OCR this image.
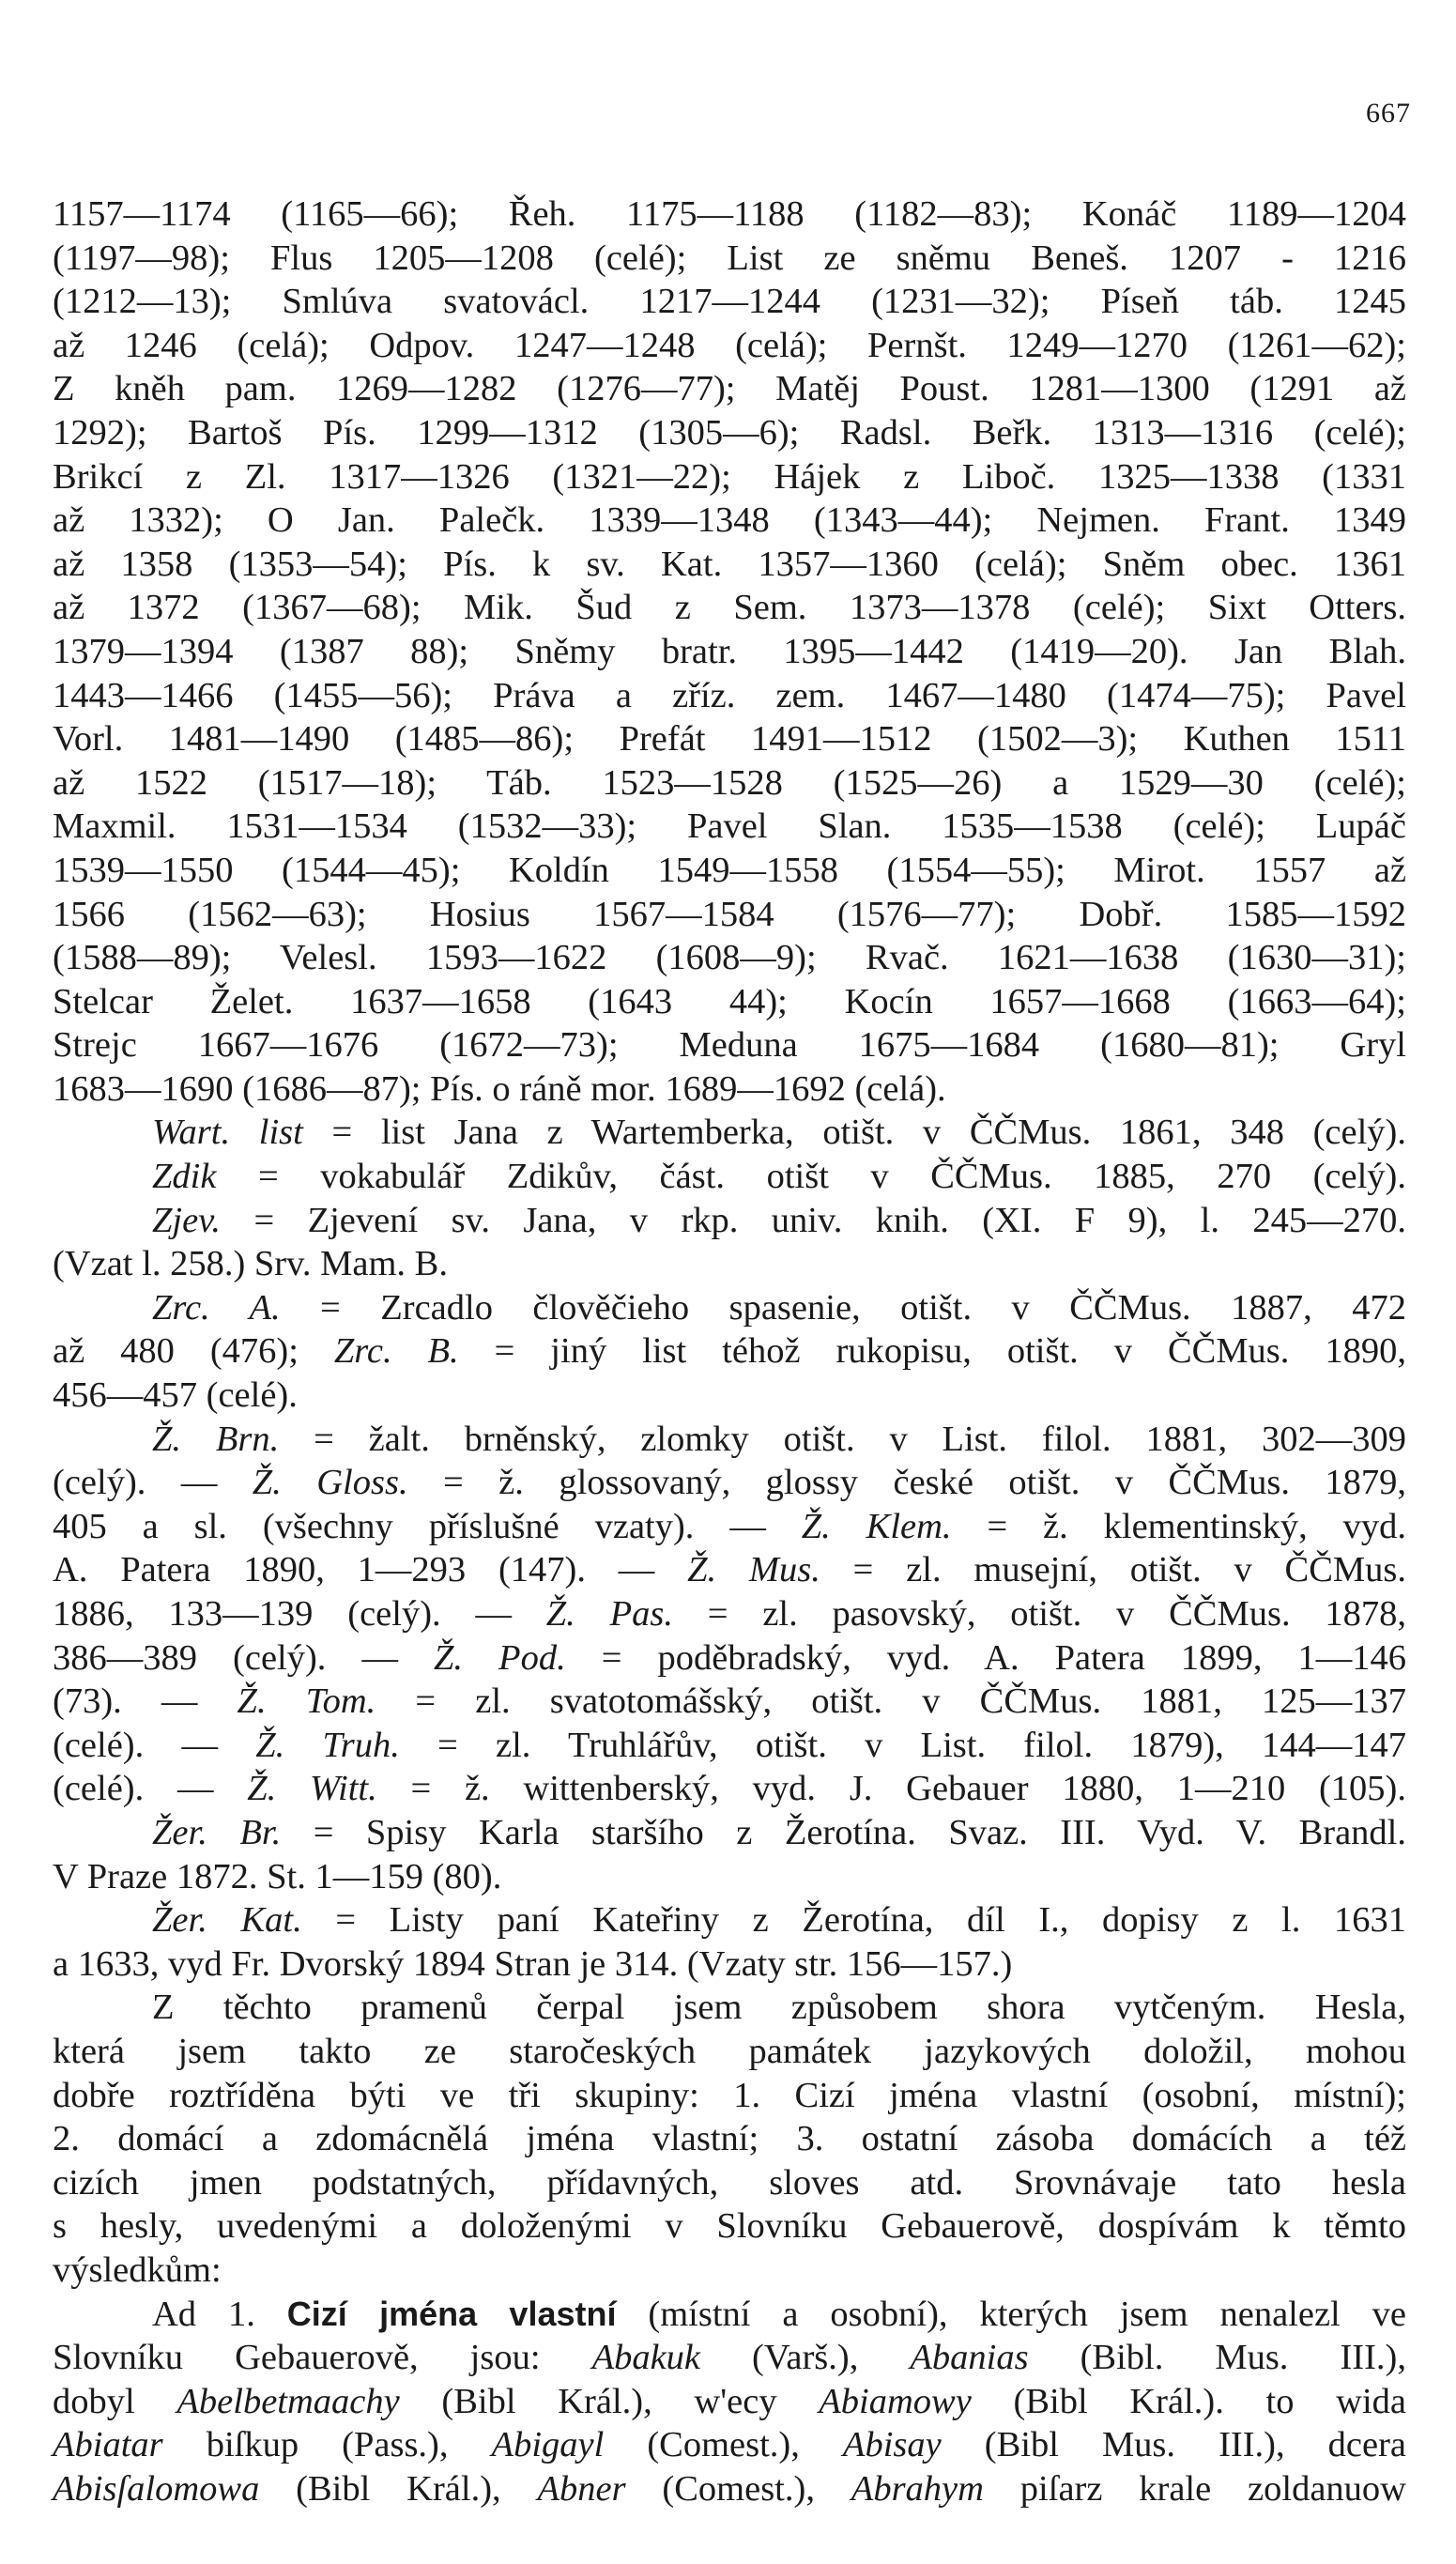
667
1157—1174 (1165—66); Řeh. 1175—1188 (1182—83); Konáč 1189—1204
(1197—98); Flus 1205—1208 (celé); List ze sněmu Beneš. 1207 - 1216
(1212—13); Smlúva svatovácl. 1217—1244 (1231—32); Píseň táb. 1245
až 1246 (celá); Odpov. 1247—1248 (celá); Pernšt. 1249—1270 (1261—62);
Z kněh pam. 1269—1282 (1276—77); Matěj Poust. 1281—1300 (1291 až
1292); Bartoš Pís. 1299—1312 (1305—6); Radsl. Beřk. 1313—1316 (celé);
Brikcí z Zl. 1317—1326 (1321—22); Hájek z Liboč. 1325—1338 (1331
až 1332); O Jan. Palečk. 1339—1348 (1343—44); Nejmen. Frant. 1349
až 1358 (1353—54); Pís. k sv. Kat. 1357—1360 (celá); Sněm obec. 1361
až 1372 (1367—68); Mik. Šud z Sem. 1373—1378 (celé); Sixt Otters.
1379—1394 (1387 88); Sněmy bratr. 1395—1442 (1419—20). Jan Blah.
1443—1466 (1455—56); Práva a zříz. zem. 1467—1480 (1474—75); Pavel
Vorl. 1481—1490 (1485—86); Prefát 1491—1512 (1502—3); Kuthen 1511
až 1522 (1517—18); Táb. 1523—1528 (1525—26) a 1529—30 (celé);
Maxmil. 1531—1534 (1532—33); Pavel Slan. 1535—1538 (celé); Lupáč
1539—1550 (1544—45); Koldín 1549—1558 (1554—55); Mirot. 1557 až
1566 (1562—63); Hosius 1567—1584 (1576—77); Dobř. 1585—1592
(1588—89); Velesl. 1593—1622 (1608—9); Rvač. 1621—1638 (1630—31);
Stelcar Želet. 1637—1658 (1643 44); Kocín 1657—1668 (1663—64);
Strejc 1667—1676 (1672—73); Meduna 1675—1684 (1680—81); Gryl
1683—1690 (1686—87); Pís. o ráně mor. 1689—1692 (celá).
Wart. list = list Jana z Wartemberka, otišt. v ČČMus. 1861, 348 (celý).
Zdik = vokabulář Zdikův, část. otišt v ČČMus. 1885, 270 (celý).
Zjev. = Zjevení sv. Jana, v rkp. univ. knih. (XI. F 9), l. 245—270.
(Vzat l. 258.) Srv. Mam. B.
Zrc. A. = Zrcadlo člověčieho spasenie, otišt. v ČČMus. 1887, 472
až 480 (476); Zrc. B. = jiný list téhož rukopisu, otišt. v ČČMus. 1890,
456—457 (celé).
Ž. Brn. = žalt. brněnský, zlomky otišt. v List. filol. 1881, 302—309
(celý). — Ž. Gloss. = ž. glossovaný, glossy české otišt. v ČČMus. 1879,
405 a sl. (všechny příslušné vzaty). — Ž. Klem. = ž. klementinský, vyd.
A. Patera 1890, 1—293 (147). — Ž. Mus. = zl. musejní, otišt. v ČČMus.
1886, 133—139 (celý). — Ž. Pas. = zl. pasovský, otišt. v ČČMus. 1878,
386—389 (celý). — Ž. Pod. = poděbradský, vyd. A. Patera 1899, 1—146
(73). — Ž. Tom. = zl. svatotomášský, otišt. v ČČMus. 1881, 125—137
(celé). — Ž. Truh. = zl. Truhlářův, otišt. v List. filol. 1879), 144—147
(celé). — Ž. Witt. = ž. wittenberský, vyd. J. Gebauer 1880, 1—210 (105).
Žer. Br. = Spisy Karla staršího z Žerotína. Svaz. III. Vyd. V. Brandl.
V Praze 1872. St. 1—159 (80).
Žer. Kat. = Listy paní Kateřiny z Žerotína, díl I., dopisy z l. 1631
a 1633, vyd Fr. Dvorský 1894 Stran je 314. (Vzaty str. 156—157.)
Z těchto pramenů čerpal jsem způsobem shora vytčeným. Hesla,
která jsem takto ze staročeských památek jazykových doložil, mohou
dobře roztříděna býti ve tři skupiny: 1. Cizí jména vlastní (osobní, místní);
2. domácí a zdomácnělá jména vlastní; 3. ostatní zásoba domácích a též
cizích jmen podstatných, přídavných, sloves atd. Srovnávaje tato hesla
s hesly, uvedenými a doloženými v Slovníku Gebauerově, dospívám k těmto
výsledkům:
Ad 1. Cizí jména vlastní (místní a osobní), kterých jsem nenalezl ve
Slovníku Gebauerově, jsou: Abakuk (Varš.), Abanias (Bibl. Mus. III.),
dobyl Abelbetmaachy (Bibl Král.), w'ecy Abiamowy (Bibl Král.). to wida
Abiatar biſkup (Pass.), Abigayl (Comest.), Abisay (Bibl Mus. III.), dcera
Abisſalomowa (Bibl Král.), Abner (Comest.), Abrahym piſarz krale zoldanuow
